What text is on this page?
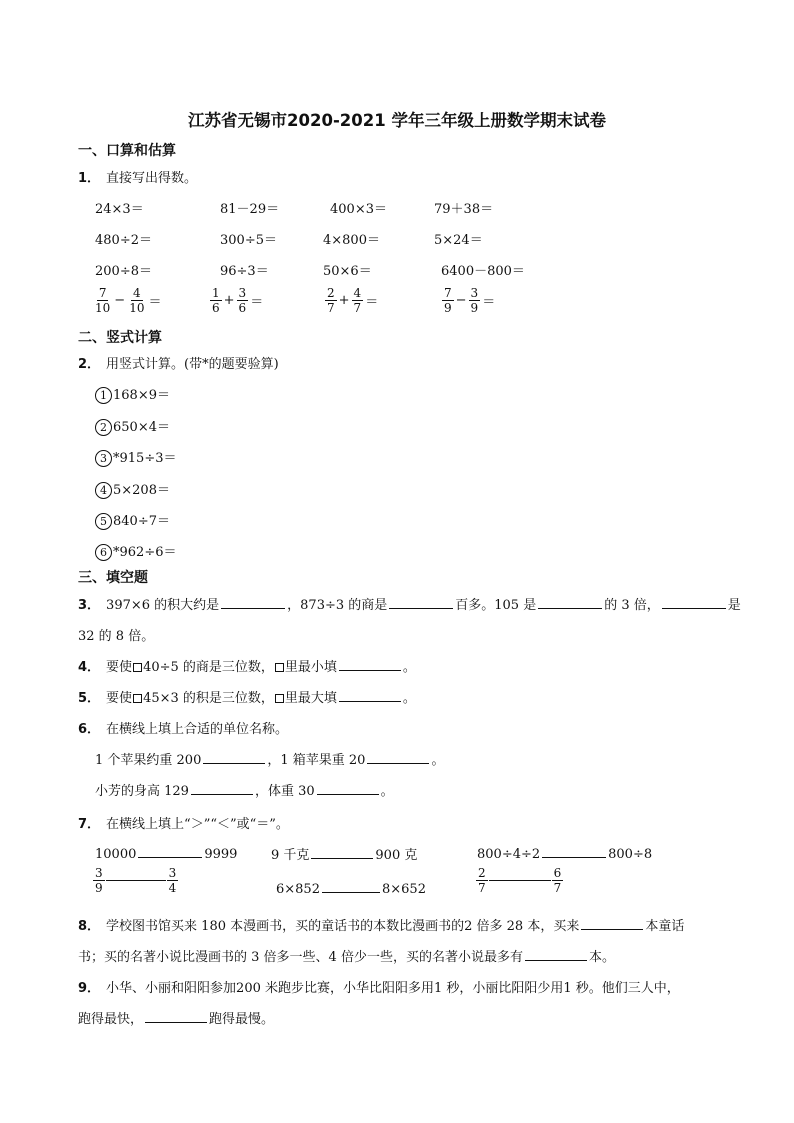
江苏省无锡市2020-2021 学年三年级上册数学期末试卷
一、口算和估算
1． 直接写出得数。
24×3＝	81－29＝	400×3＝	79＋38＝
480÷2＝	300÷5＝	4×800＝	5×24＝
200÷8＝	96÷3＝	50×6＝	6400－800＝
$\frac{7}{10} - \frac{4}{10}$ ＝	$\frac{1}{6} + \frac{3}{6}$ ＝	$\frac{2}{7} + \frac{4}{7}$ ＝	$\frac{7}{9} - \frac{3}{9}$ ＝
二、竖式计算
2． 用竖式计算。(带*的题要验算)
1 168×9＝
2 650×4＝
3 *915÷3＝
4 5×208＝
5 840÷7＝
6 *962÷6＝
三、填空题
3． 397×6 的积大约是	，873÷3 的商是	百多。105 是	的 3 倍，	是
32 的 8 倍。
4． 要使 40÷5 的商是三位数， 里最小填	。
5． 要使 45×3 的积是三位数， 里最大填	。
6． 在横线上填上合适的单位名称。
1 个苹果约重 200	，1 箱苹果重 20	。
小芳的身高 129	，体重 30	。
7． 在横线上填上“＞”“＜”或“＝”。
10000	9999	9 千克	900 克	800÷4÷2	800÷8
$\frac{3}{9}$	$\frac{3}{4}$	6×852	8×652	$\frac{2}{7}$	$\frac{6}{7}$
8． 学校图书馆买来 180 本漫画书，买的童话书的本数比漫画书的2 倍多 28 本，买来	本童话
书；买的名著小说比漫画书的 3 倍多一些、4 倍少一些，买的名著小说最多有	本。
9． 小华、小丽和阳阳参加200 米跑步比赛，小华比阳阳多用1 秒，小丽比阳阳少用1 秒。他们三人中，
跑得最快，	跑得最慢。
